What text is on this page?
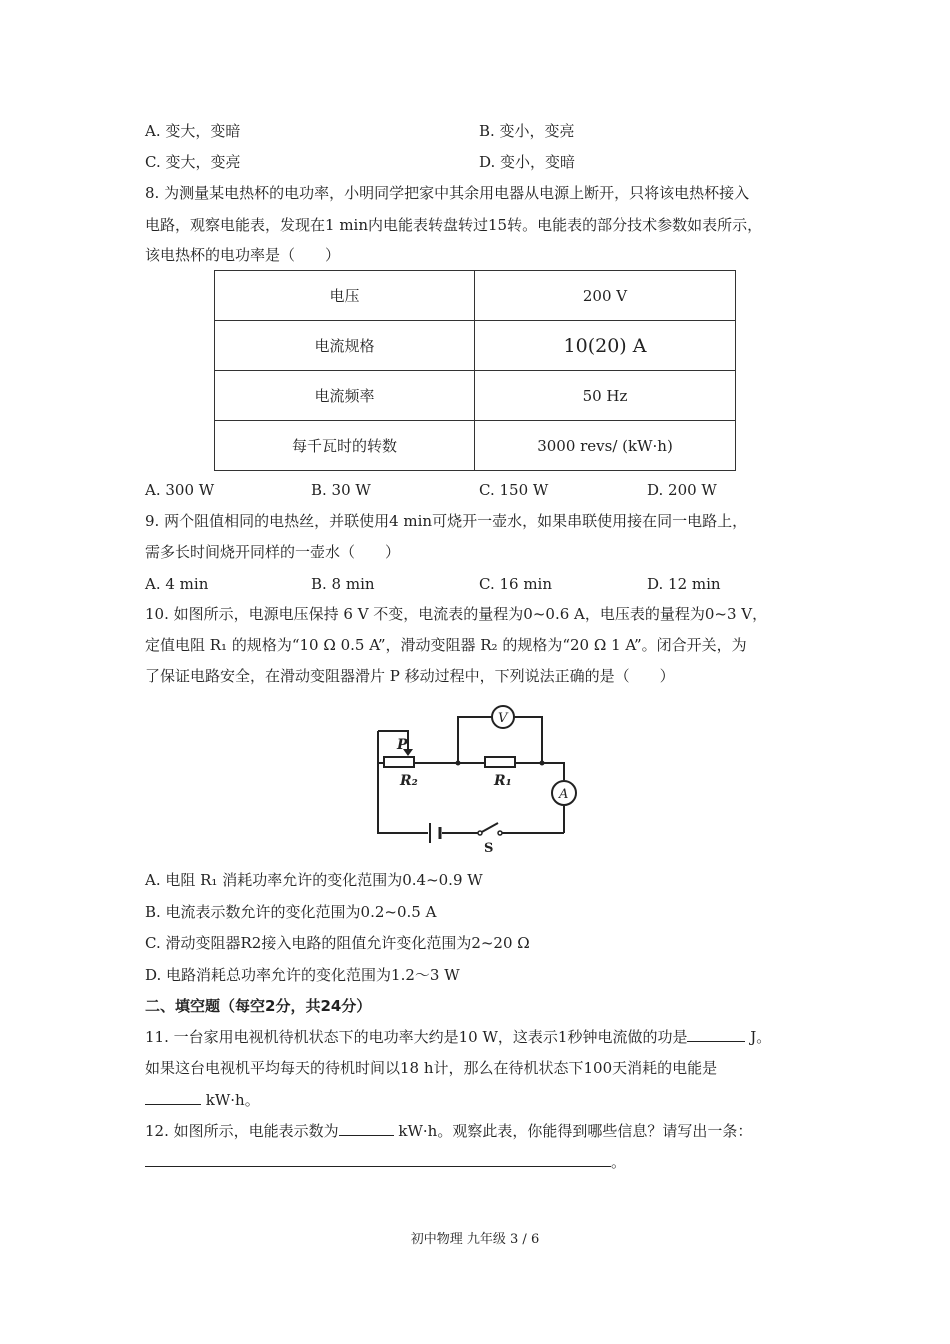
A. 变大，变暗	B. 变小，变亮
C. 变大，变亮	D. 变小，变暗
8. 为测量某电热杯的电功率，小明同学把家中其余用电器从电源上断开，只将该电热杯接入
电路，观察电能表，发现在1 min内电能表转盘转过15转。电能表的部分技术参数如表所示，
该电热杯的电功率是（　　）
电压	200 V
电流规格	10(20) A
电流频率	50 Hz
每千瓦时的转数	3000 revs/ (kW·h)
A. 300 W	B. 30 W	C. 150 W	D. 200 W
9. 两个阻值相同的电热丝，并联使用4 min可烧开一壶水，如果串联使用接在同一电路上，
需多长时间烧开同样的一壶水（　　）
A. 4 min	B. 8 min	C. 16 min	D. 12 min
10. 如图所示，电源电压保持 6 V 不变，电流表的量程为0~0.6 A，电压表的量程为0~3 V，
定值电阻 R₁ 的规格为“10 Ω 0.5 A”，滑动变阻器 R₂ 的规格为“20 Ω 1 A”。闭合开关，为
了保证电路安全，在滑动变阻器滑片 P 移动过程中，下列说法正确的是（　　）
P
R₂	R₁
V
A
S
A. 电阻 R₁ 消耗功率允许的变化范围为0.4~0.9 W
B. 电流表示数允许的变化范围为0.2~0.5 A
C. 滑动变阻器R2接入电路的阻值允许变化范围为2~20 Ω
D. 电路消耗总功率允许的变化范围为1.2～3 W
二、填空题（每空2分，共24分）
11. 一台家用电视机待机状态下的电功率大约是10 W，这表示1秒钟电流做的功是	J。
如果这台电视机平均每天的待机时间以18 h计，那么在待机状态下100天消耗的电能是
kW·h。
12. 如图所示，电能表示数为	kW·h。观察此表，你能得到哪些信息？请写出一条：
。
初中物理 九年级 3 / 6
